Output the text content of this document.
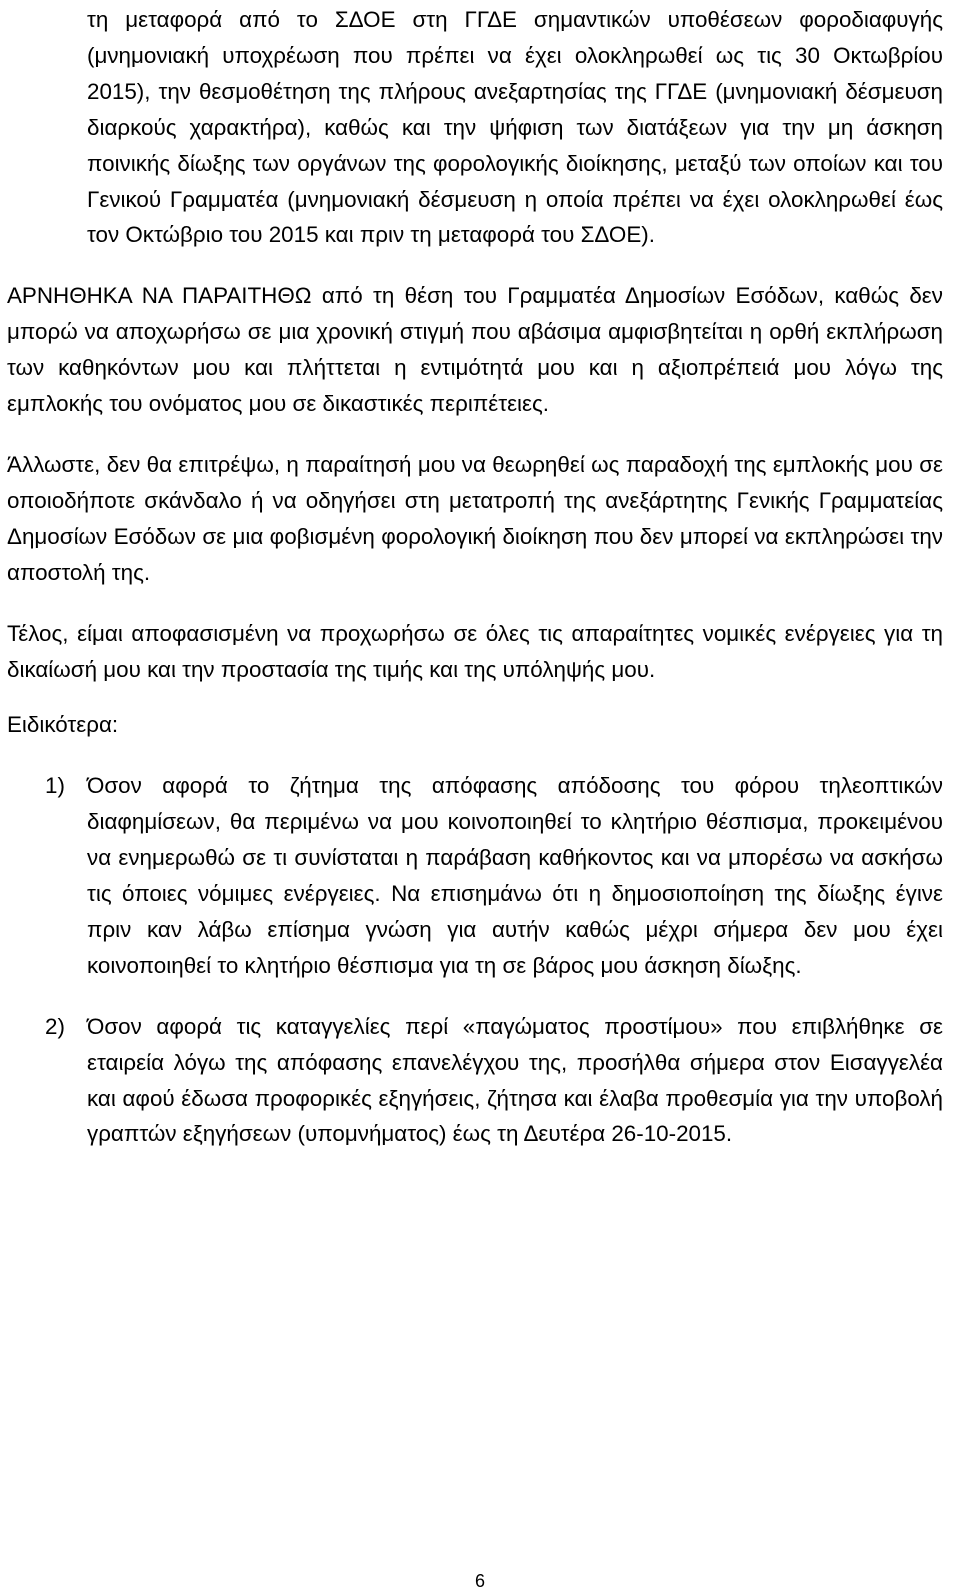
τη μεταφορά από το ΣΔΟΕ στη ΓΓΔΕ σημαντικών υποθέσεων φοροδιαφυγής (μνημονιακή υποχρέωση που πρέπει να έχει ολοκληρωθεί ως τις 30 Οκτωβρίου 2015), την θεσμοθέτηση της πλήρους ανεξαρτησίας της ΓΓΔΕ (μνημονιακή δέσμευση διαρκούς χαρακτήρα), καθώς και την ψήφιση των διατάξεων για την μη άσκηση ποινικής δίωξης των οργάνων της φορολογικής διοίκησης, μεταξύ των οποίων και του Γενικού Γραμματέα (μνημονιακή δέσμευση η οποία πρέπει να έχει ολοκληρωθεί έως τον Οκτώβριο του 2015 και πριν τη μεταφορά του ΣΔΟΕ).

ΑΡΝΗΘΗΚΑ ΝΑ ΠΑΡΑΙΤΗΘΩ από τη θέση του Γραμματέα Δημοσίων Εσόδων, καθώς δεν μπορώ να αποχωρήσω σε μια χρονική στιγμή που αβάσιμα αμφισβητείται η ορθή εκπλήρωση των καθηκόντων μου και πλήττεται η εντιμότητά μου και η αξιοπρέπειά μου λόγω της εμπλοκής του ονόματος μου σε δικαστικές περιπέτειες.

Άλλωστε, δεν θα επιτρέψω, η παραίτησή μου να θεωρηθεί ως παραδοχή της εμπλοκής μου σε οποιοδήποτε σκάνδαλο ή να οδηγήσει στη μετατροπή της ανεξάρτητης Γενικής Γραμματείας Δημοσίων Εσόδων σε μια φοβισμένη φορολογική διοίκηση που δεν μπορεί να εκπληρώσει την αποστολή της.

Τέλος, είμαι αποφασισμένη να προχωρήσω σε όλες τις απαραίτητες νομικές ενέργειες για τη δικαίωσή μου και την προστασία της τιμής και της υπόληψής μου.

Ειδικότερα:

1) Όσον αφορά το ζήτημα της απόφασης απόδοσης του φόρου τηλεοπτικών διαφημίσεων, θα περιμένω να μου κοινοποιηθεί το κλητήριο θέσπισμα, προκειμένου να ενημερωθώ σε τι συνίσταται η παράβαση καθήκοντος και να μπορέσω να ασκήσω τις όποιες νόμιμες ενέργειες. Να επισημάνω ότι η δημοσιοποίηση της δίωξης έγινε πριν καν λάβω επίσημα γνώση για αυτήν καθώς μέχρι σήμερα δεν μου έχει κοινοποιηθεί το κλητήριο θέσπισμα για τη σε βάρος μου άσκηση δίωξης.
2) Όσον αφορά τις καταγγελίες περί «παγώματος προστίμου» που επιβλήθηκε σε εταιρεία λόγω της απόφασης επανελέγχου της, προσήλθα σήμερα στον Εισαγγελέα και αφού έδωσα προφορικές εξηγήσεις, ζήτησα και έλαβα προθεσμία για την υποβολή γραπτών εξηγήσεων (υπομνήματος) έως τη Δευτέρα 26-10-2015.
6
